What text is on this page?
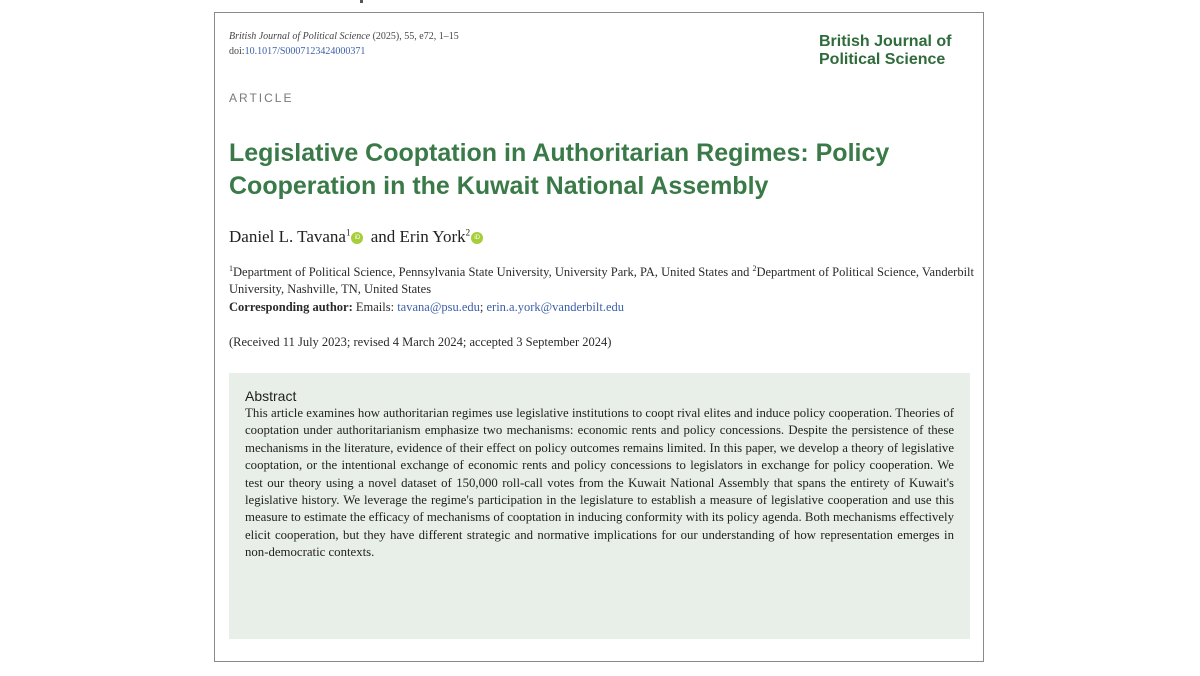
British Journal of Political Science (2025), 55, e72, 1–15
doi:10.1017/S0007123424000371
British Journal of
Political Science
ARTICLE
Legislative Cooptation in Authoritarian Regimes: Policy Cooperation in the Kuwait National Assembly
Daniel L. Tavana$^1$iD and Erin York$^2$iD
$^1$Department of Political Science, Pennsylvania State University, University Park, PA, United States and $^2$Department of Political Science, Vanderbilt University, Nashville, TN, United States
Corresponding author: Emails: tavana@psu.edu; erin.a.york@vanderbilt.edu
(Received 11 July 2023; revised 4 March 2024; accepted 3 September 2024)

Abstract

This article examines how authoritarian regimes use legislative institutions to coopt rival elites and induce policy cooperation. Theories of cooptation under authoritarianism emphasize two mechanisms: economic rents and policy concessions. Despite the persistence of these mechanisms in the literature, evidence of their effect on policy outcomes remains limited. In this paper, we develop a theory of legislative cooptation, or the intentional exchange of economic rents and policy concessions to legislators in exchange for policy cooperation. We test our theory using a novel dataset of 150,000 roll-call votes from the Kuwait National Assembly that spans the entirety of Kuwait's legislative history. We leverage the regime's participation in the legislature to establish a measure of legislative cooperation and use this measure to estimate the efficacy of mechanisms of cooptation in inducing conformity with its policy agenda. Both mechanisms effectively elicit cooperation, but they have different strategic and normative implications for our understanding of how representation emerges in non-democratic contexts.
